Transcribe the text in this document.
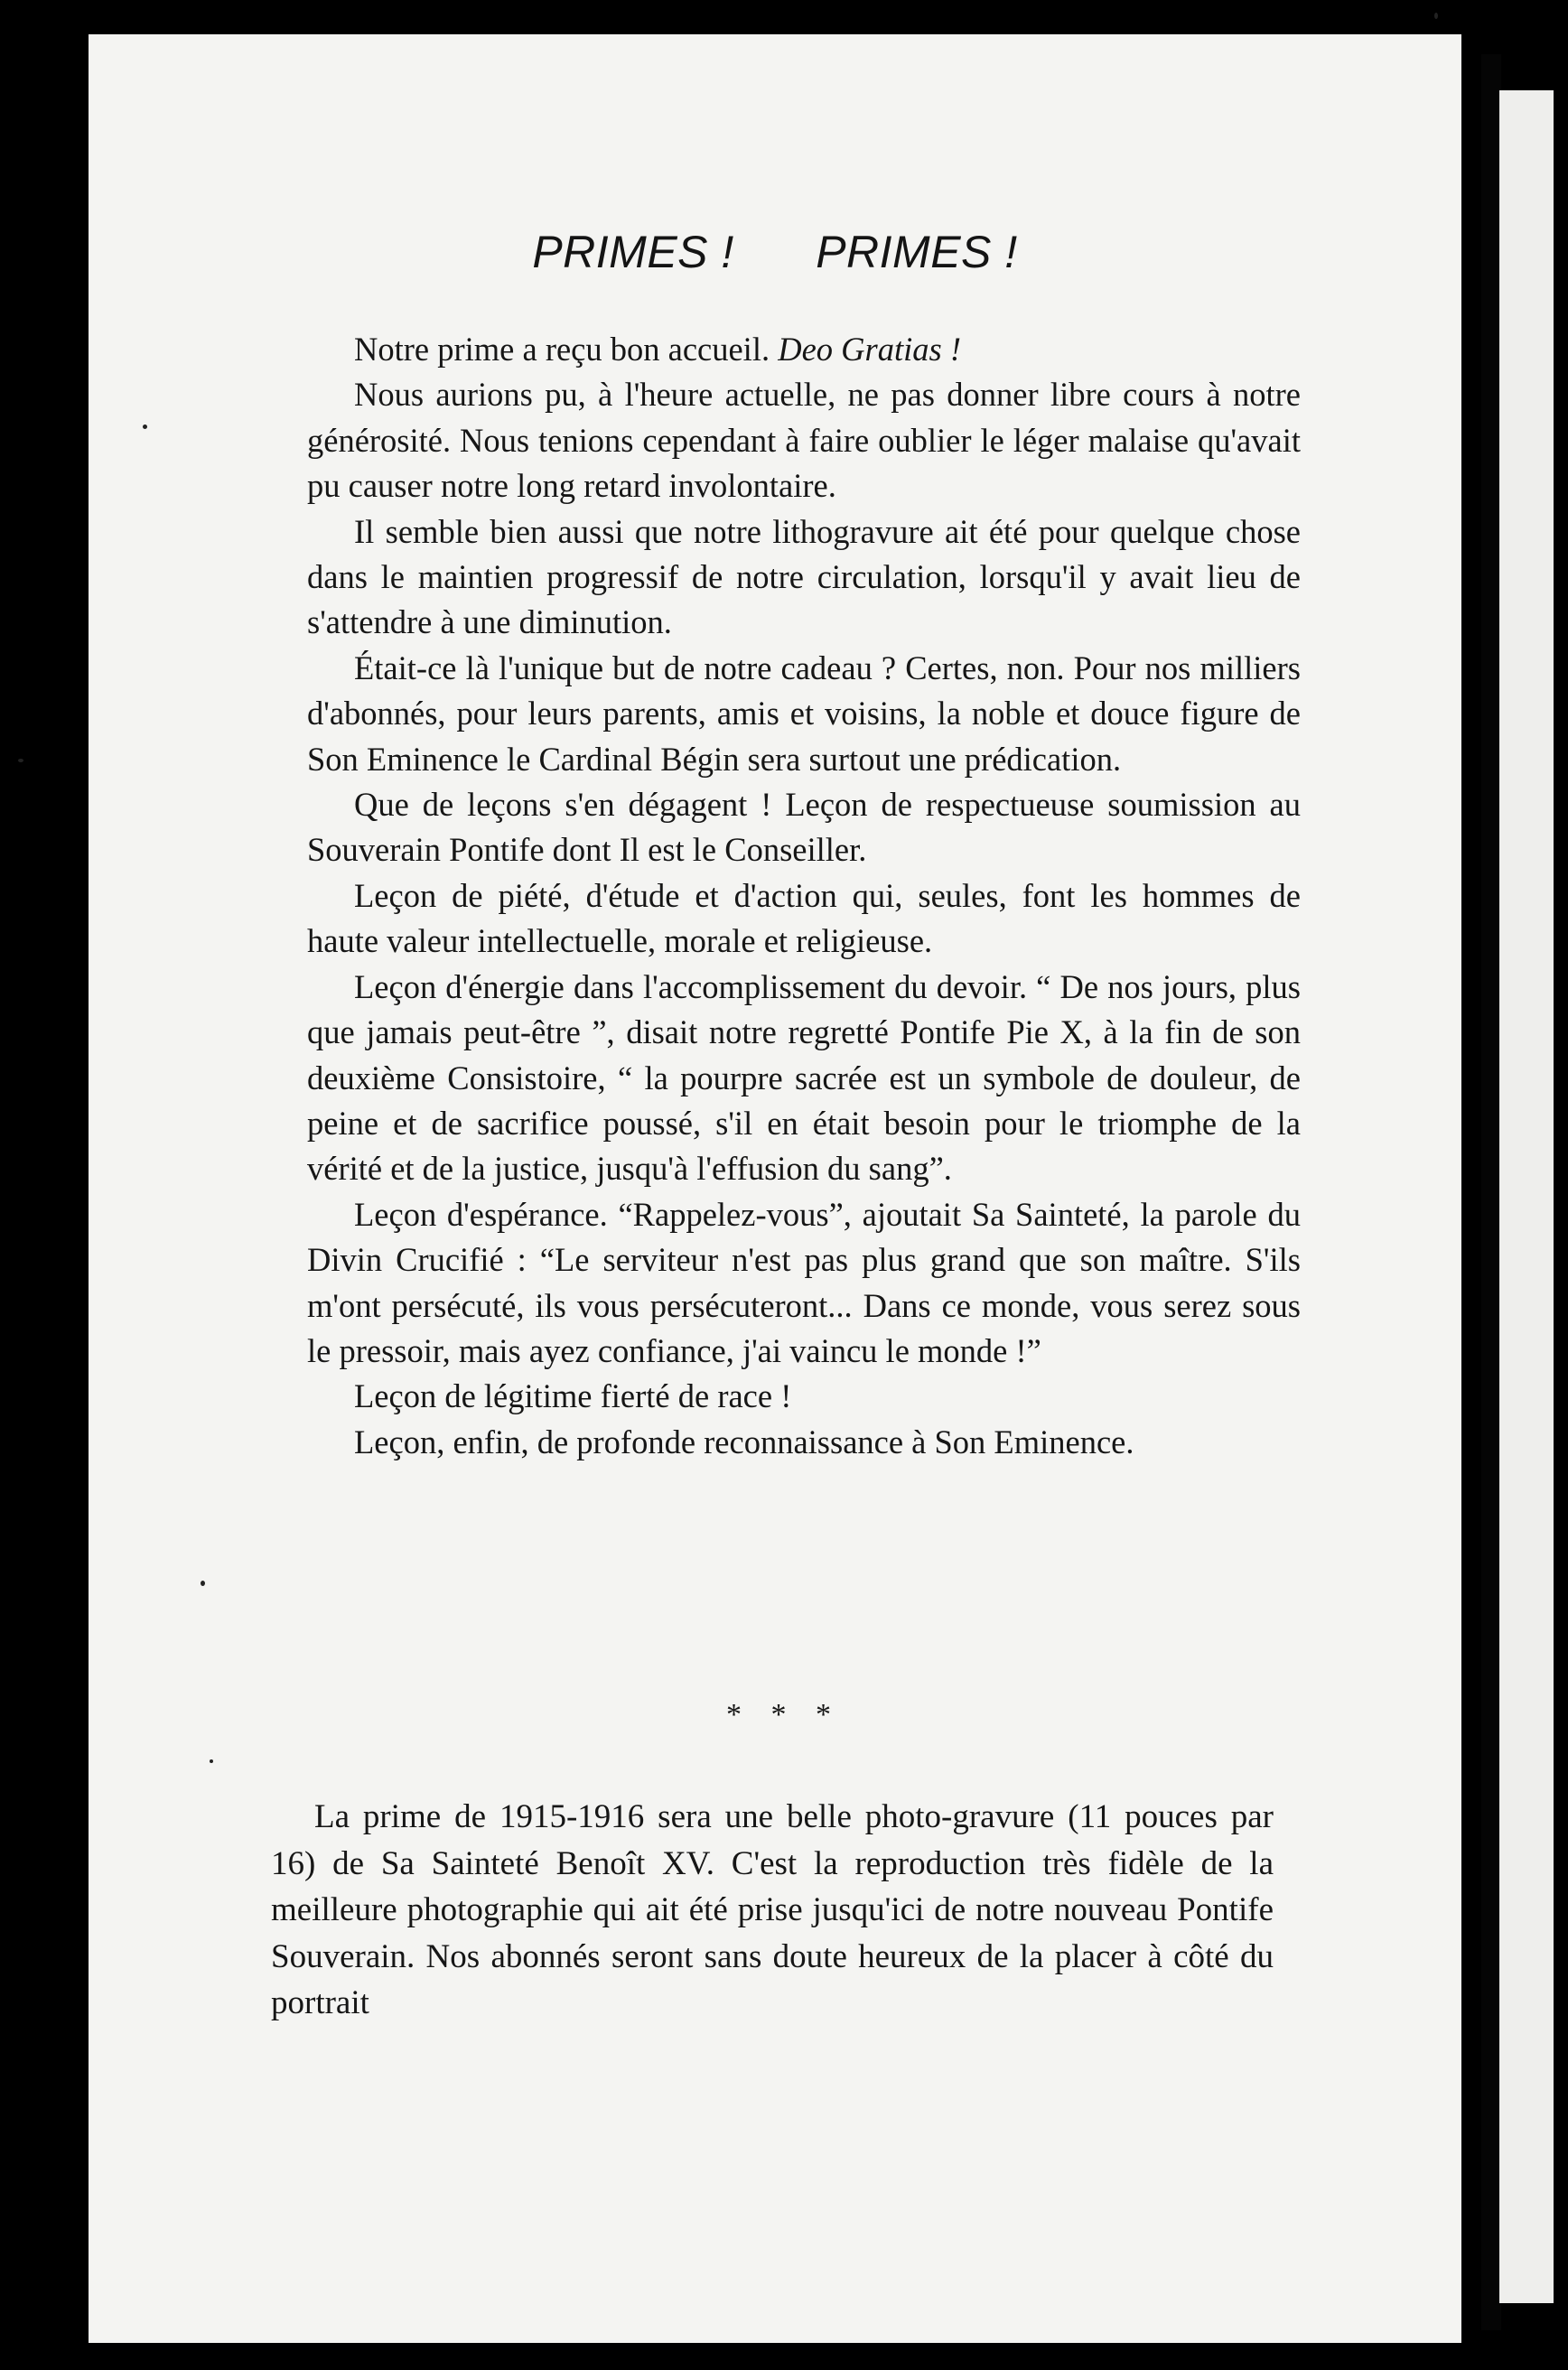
PRIMES ! PRIMES !

Notre prime a reçu bon accueil. Deo Gratias !

Nous aurions pu, à l'heure actuelle, ne pas donner libre cours à notre générosité. Nous tenions cependant à faire oublier le léger malaise qu'avait pu causer notre long retard involontaire.

Il semble bien aussi que notre lithogravure ait été pour quelque chose dans le maintien progressif de notre circulation, lorsqu'il y avait lieu de s'attendre à une diminution.

Était-ce là l'unique but de notre cadeau ? Certes, non. Pour nos milliers d'abonnés, pour leurs parents, amis et voisins, la noble et douce figure de Son Eminence le Cardinal Bégin sera surtout une prédication.

Que de leçons s'en dégagent ! Leçon de respectueuse soumission au Souverain Pontife dont Il est le Conseiller.

Leçon de piété, d'étude et d'action qui, seules, font les hommes de haute valeur intellectuelle, morale et religieuse.

Leçon d'énergie dans l'accomplissement du devoir. “ De nos jours, plus que jamais peut-être ”, disait notre regretté Pontife Pie X, à la fin de son deuxième Consistoire, “ la pourpre sacrée est un symbole de douleur, de peine et de sacrifice poussé, s'il en était besoin pour le triomphe de la vérité et de la justice, jusqu'à l'effusion du sang”.

Leçon d'espérance. “Rappelez-vous”, ajoutait Sa Sainteté, la parole du Divin Crucifié : “Le serviteur n'est pas plus grand que son maître. S'ils m'ont persécuté, ils vous persécuteront... Dans ce monde, vous serez sous le pressoir, mais ayez confiance, j'ai vaincu le monde !”

Leçon de légitime fierté de race !

Leçon, enfin, de profonde reconnaissance à Son Eminence.

* * *

La prime de 1915-1916 sera une belle photo-gravure (11 pouces par 16) de Sa Sainteté Benoît XV. C'est la reproduction très fidèle de la meilleure photographie qui ait été prise jusqu'ici de notre nouveau Pontife Souverain. Nos abonnés seront sans doute heureux de la placer à côté du portrait
